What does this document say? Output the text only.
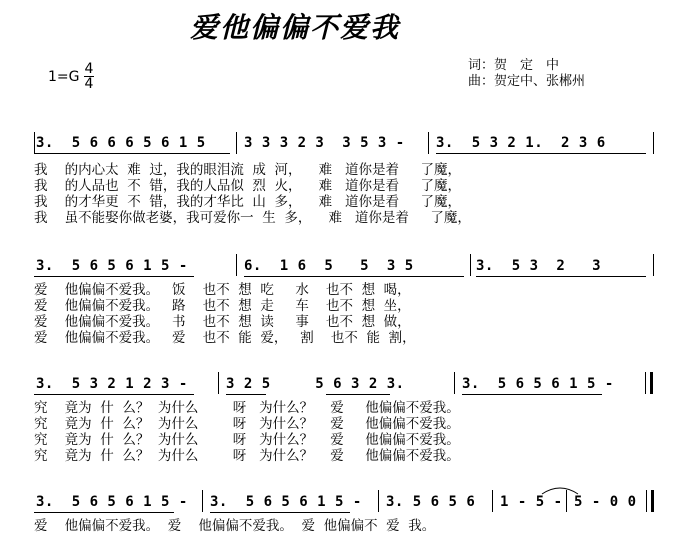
爱他偏偏不爱我
$1=G \frac{4}{4}$	词：贺　定　中
曲：贺定中、张郴州
3.  5 6 6 6 5 6 1 5	3 3 3 2 3  3 5 3 - 3.  5 3 2 1.  2 3 6
我    的内心太  难  过，我的眼泪流  成  河，    难   道你是着     了魔，
我    的人品也  不  错，我的人品似  烈  火，    难   道你是看     了魔，
我    的才华更  不  错，我的才华比  山  多，    难   道你是看     了魔，
我    虽不能娶你做老婆，我可爱你一  生  多，    难   道你是着     了魔，
3.  5 6 5 6 1 5 -	6.  1 6  5   5  3 5	3.  5 3  2   3
爱    他偏偏不爱我。   饭    也不  想  吃     水    也不  想  喝，
爱    他偏偏不爱我。   路    也不  想  走     车    也不  想  坐，
爱    他偏偏不爱我。   书    也不  想  读     事    也不  想  做，
爱    他偏偏不爱我。   爱    也不  能  爱，   割    也不  能  割，
3.  5 3 2 1 2 3 -	3 2 5     5 6 3 2 3.	3.  5 6 5 6 1 5 -
究    竟为  什  么？  为什么        呀   为什么？    爱     他偏偏不爱我。
究    竟为  什  么？  为什么        呀   为什么？    爱     他偏偏不爱我。
究    竟为  什  么？  为什么        呀   为什么？    爱     他偏偏不爱我。
究    竟为  什  么？  为什么        呀   为什么？    爱     他偏偏不爱我。
3.  5 6 5 6 1 5 - 3.  5 6 5 6 1 5 - 3. 5 6 5 6 1 - 5 - 5 - 0 0
爱    他偏偏不爱我。  爱    他偏偏不爱我。  爱  他偏偏不  爱  我。
